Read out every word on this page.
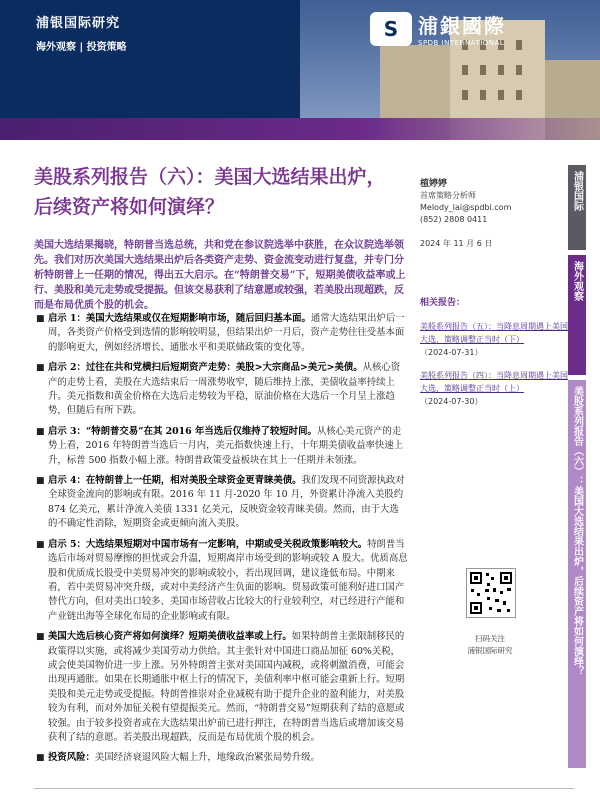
浦银国际研究
海外观察 | 投资策略
S 浦銀國際
SPDB INTERNATIONAL
美股系列报告（六）：美国大选结果出炉，后续资产将如何演绎？
美国大选结果揭晓，特朗普当选总统，共和党在参议院选举中获胜，在众议院选举领先。我们对历次美国大选结果出炉后各类资产走势、资金流变动进行复盘，并专门分析特朗普上一任期的情况，得出五大启示。在“特朗普交易”下，短期美债收益率或上行、美股和美元走势或受提振。但该交易获利了结意愿或较强，若美股出现超跌，反而是布局优质个股的机会。
■ 启示 1：美国大选结果或仅在短期影响市场，随后回归基本面。通常大选结果出炉后一周，各类资产价格受到选情的影响较明显，但结果出炉一月后，资产走势往往受基本面的影响更大，例如经济增长、通胀水平和美联储政策的变化等。
■ 启示 2：过往在共和党横扫后短期资产走势：美股>大宗商品>美元>美债。从核心资产的走势上看，美股在大选结束后一周涨势收窄，随后维持上涨，美债收益率持续上升。美元指数和黄金价格在大选后走势较为平稳，原油价格在大选后一个月呈上涨趋势，但随后有所下跌。
■ 启示 3：“特朗普交易”在其 2016 年当选后仅维持了较短时间。从核心美元资产的走势上看，2016 年特朗普当选后一月内，美元指数快速上行，十年期美债收益率快速上升，标普 500 指数小幅上涨。特朗普政策受益板块在其上一任期并未领涨。
■ 启示 4：在特朗普上一任期，相对美股全球资金更青睐美债。我们发现不同资源执政对全球资金流向的影响或有限。2016 年 11 月-2020 年 10 月，外资累计净流入美股约 874 亿美元，累计净流入美债 1331 亿美元，反映资金较青睐美债。然而，由于大选的不确定性消除，短期资金或更倾向流入美股。
■ 启示 5：大选结果短期对中国市场有一定影响，中期或受关税政策影响较大。特朗普当选后市场对贸易摩擦的担忧或会升温，短期离岸市场受到的影响或较 A 股大。优质高息股和优质成长股受中美贸易冲突的影响或较小，若出现回调，建议逢低布局。中期来看，若中美贸易冲突升级，或对中美经济产生负面的影响。贸易政策可能利好进口国产替代方向，但对美出口较多、美国市场营收占比较大的行业较利空，对已经进行产能和产业链出海等全球化布局的企业影响或有限。
■ 美国大选后核心资产将如何演绎？短期美债收益率或上行。如果特朗普主张限制移民的政策得以实施，或将减少美国劳动力供给。其主张针对中国进口商品加征 60%关税，或会使美国物价进一步上涨。另外特朗普主张对美国国内减税，或将刺激消费，可能会出现再通胀。如果在长期通胀中枢上行的情况下，美债利率中枢可能会重新上行。短期美股和美元走势或受提振。特朗普推崇对企业减税有助于提升企业的盈利能力，对美股较为有利，而对外加征关税有望提振美元。然而，“特朗普交易”短期获利了结的意愿或较强。由于较多投资者或在大选结果出炉前已进行押注，在特朗普当选后或增加该交易获利了结的意愿。若美股出现超跌，反而是布局优质个股的机会。
■ 投资风险：美国经济衰退风险大幅上升，地缘政治紧张局势升级。
植婷婷
首席策略分析师
Melody_lai@spdbi.com
(852) 2808 0411
2024 年 11 月 6 日
相关报告：
美股系列报告（五）：当降息周期遇上美国大选，策略调整正当时（下）
（2024-07-31）
美股系列报告（四）：当降息周期遇上美国大选，策略调整正当时（上）
（2024-07-30）
扫码关注
浦银国际研究
浦银国际
海外观察
美股系列报告（六）：美国大选结果出炉，后续资产将如何演绎？
